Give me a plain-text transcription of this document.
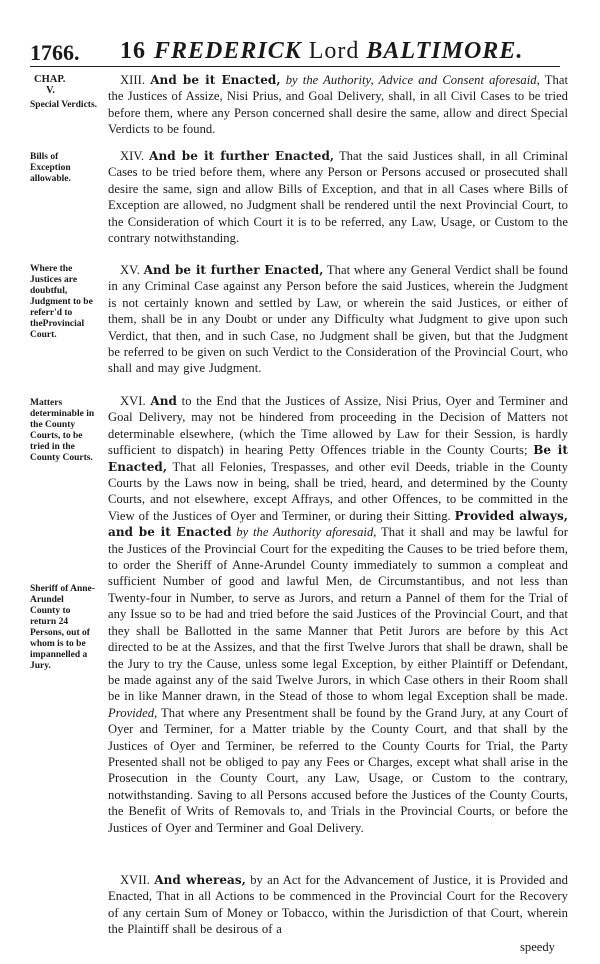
1766. 16 FREDERICK Lord BALTIMORE.
CHAP.
V.
Special Verdicts.
Bills of Exception allowable.
Where the Justices are doubtful, Judgment to be referr'd to theProvincial Court.
Matters determinable in the County Courts, to be tried in the County Courts.
Sheriff of Anne-Arundel County to return 24 Persons, out of whom is to be impannelled a Jury.
XIII. And be it Enacted, by the Authority, Advice and Consent aforesaid, That the Justices of Assize, Nisi Prius, and Goal Delivery, shall, in all Civil Cases to be tried before them, where any Person concerned shall desire the same, allow and direct Special Verdicts to be found.
XIV. And be it further Enacted, That the said Justices shall, in all Criminal Cases to be tried before them, where any Person or Persons accused or prosecuted shall desire the same, sign and allow Bills of Exception, and that in all Cases where Bills of Exception are allowed, no Judgment shall be rendered until the next Provincial Court, to the Consideration of which Court it is to be referred, any Law, Usage, or Custom to the contrary notwithstanding.
XV. And be it further Enacted, That where any General Verdict shall be found in any Criminal Case against any Person before the said Justices, wherein the Judgment is not certainly known and settled by Law, or wherein the said Justices, or either of them, shall be in any Doubt or under any Difficulty what Judgment to give upon such Verdict, that then, and in such Case, no Judgment shall be given, but that the Judgment be referred to be given on such Verdict to the Consideration of the Provincial Court, who shall and may give Judgment.
XVI. And to the End that the Justices of Assize, Nisi Prius, Oyer and Terminer and Goal Delivery, may not be hindered from proceeding in the Decision of Matters not determinable elsewhere, (which the Time allowed by Law for their Session, is hardly sufficient to dispatch) in hearing Petty Offences triable in the County Courts; Be it Enacted, That all Felonies, Trespasses, and other evil Deeds, triable in the County Courts by the Laws now in being, shall be tried, heard, and determined by the County Courts, and not elsewhere, except Affrays, and other Offences, to be committed in the View of the Justices of Oyer and Terminer, or during their Sitting. Provided always, and be it Enacted by the Authority aforesaid, That it shall and may be lawful for the Justices of the Provincial Court for the expediting the Causes to be tried before them, to order the Sheriff of Anne-Arundel County immediately to summon a compleat and sufficient Number of good and lawful Men, de Circumstantibus, and not less than Twenty-four in Number, to serve as Jurors, and return a Pannel of them for the Trial of any Issue so to be had and tried before the said Justices of the Provincial Court, and that they shall be Ballotted in the same Manner that Petit Jurors are before by this Act directed to be at the Assizes, and that the first Twelve Jurors that shall be drawn, shall be the Jury to try the Cause, unless some legal Exception, by either Plaintiff or Defendant, be made against any of the said Twelve Jurors, in which Case others in their Room shall be in like Manner drawn, in the Stead of those to whom legal Exception shall be made. Provided, That where any Presentment shall be found by the Grand Jury, at any Court of Oyer and Terminer, for a Matter triable by the County Court, and that shall by the Justices of Oyer and Terminer, be referred to the County Courts for Trial, the Party Presented shall not be obliged to pay any Fees or Charges, except what shall arise in the Prosecution in the County Court, any Law, Usage, or Custom to the contrary, notwithstanding. Saving to all Persons accused before the Justices of the County Courts, the Benefit of Writs of Removals to, and Trials in the Provincial Courts, or before the Justices of Oyer and Terminer and Goal Delivery.
XVII. And whereas, by an Act for the Advancement of Justice, it is Provided and Enacted, That in all Actions to be commenced in the Provincial Court for the Recovery of any certain Sum of Money or Tobacco, within the Jurisdiction of that Court, wherein the Plaintiff shall be desirous of a
speedy
